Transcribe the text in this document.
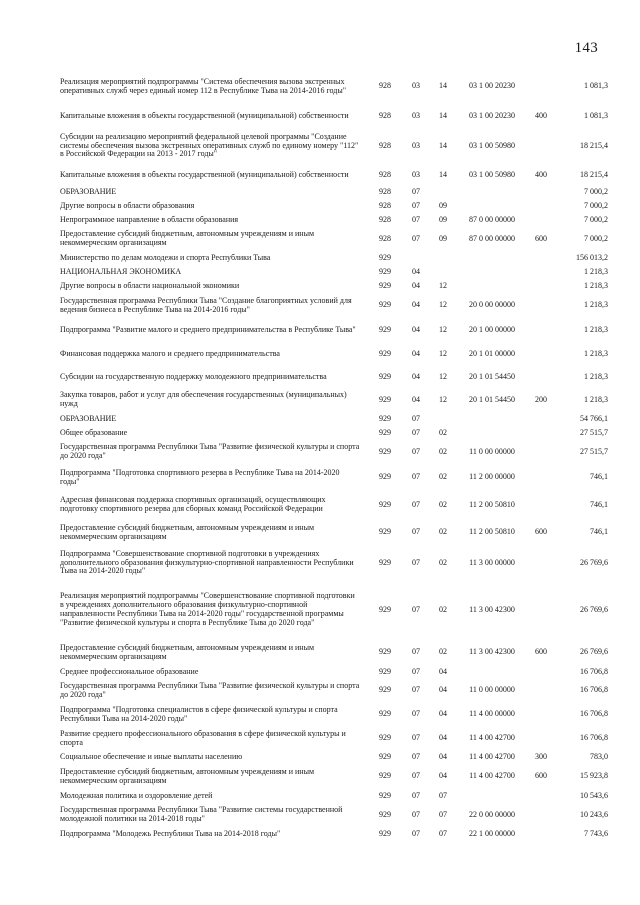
143
Реализация мероприятий подпрограммы "Система обеспечения вызова экстренных оперативных служб через единый номер 112 в Республике Тыва на 2014-2016 годы"	928	03	14	03 1 00 20230		1 081,3
Капитальные вложения в объекты государственной (муниципальной) собственности	928	03	14	03 1 00 20230	400	1 081,3
Субсидии на реализацию мероприятий федеральной целевой программы "Создание системы обеспечения вызова экстренных оперативных служб по единому номеру "112" в Российской Федерации на 2013 - 2017 годы"	928	03	14	03 1 00 50980		18 215,4
Капитальные вложения в объекты государственной (муниципальной) собственности	928	03	14	03 1 00 50980	400	18 215,4
ОБРАЗОВАНИЕ	928	07				7 000,2
Другие вопросы в области образования	928	07	09			7 000,2
Непрограммное направление в области образования	928	07	09	87 0 00 00000		7 000,2
Предоставление субсидий бюджетным, автономным учреждениям и иным некоммерческим организациям	928	07	09	87 0 00 00000	600	7 000,2
Министерство по делам молодежи и спорта Республики Тыва	929					156 013,2
НАЦИОНАЛЬНАЯ ЭКОНОМИКА	929	04				1 218,3
Другие вопросы в области национальной экономики	929	04	12			1 218,3
Государственная программа Республики Тыва "Создание благоприятных условий для ведения бизнеса в Республике Тыва на 2014-2016 годы"	929	04	12	20 0 00 00000		1 218,3
Подпрограмма "Развитие малого и среднего предпринимательства в Республике Тыва"	929	04	12	20 1 00 00000		1 218,3
Финансовая поддержка малого и среднего предпринимательства	929	04	12	20 1 01 00000		1 218,3
Субсидии на государственную поддержку молодежного предпринимательства	929	04	12	20 1 01 54450		1 218,3
Закупка товаров, работ и услуг для обеспечения государственных (муниципальных) нужд	929	04	12	20 1 01 54450	200	1 218,3
ОБРАЗОВАНИЕ	929	07				54 766,1
Общее образование	929	07	02			27 515,7
Государственная программа Республики Тыва "Развитие физической культуры и спорта до 2020 года"	929	07	02	11 0 00 00000		27 515,7
Подпрограмма "Подготовка спортивного резерва в Республике Тыва на 2014-2020 годы"	929	07	02	11 2 00 00000		746,1
Адресная финансовая поддержка спортивных организаций, осуществляющих подготовку спортивного резерва для сборных команд Российской Федерации	929	07	02	11 2 00 50810		746,1
Предоставление субсидий бюджетным, автономным учреждениям и иным некоммерческим организациям	929	07	02	11 2 00 50810	600	746,1
Подпрограмма "Совершенствование спортивной подготовки в учреждениях дополнительного образования физкультурно-спортивной направленности Республики Тыва на 2014-2020 годы"	929	07	02	11 3 00 00000		26 769,6
Реализация мероприятий подпрограммы "Совершенствование спортивной подготовки в учреждениях дополнительного образования физкультурно-спортивной направленности Республики Тыва на 2014-2020 годы" государственной программы "Развитие физической культуры и спорта в Республике Тыва до 2020 года"	929	07	02	11 3 00 42300		26 769,6
Предоставление субсидий бюджетным, автономным учреждениям и иным некоммерческим организациям	929	07	02	11 3 00 42300	600	26 769,6
Среднее профессиональное образование	929	07	04			16 706,8
Государственная программа Республики Тыва "Развитие физической культуры и спорта до 2020 года"	929	07	04	11 0 00 00000		16 706,8
Подпрограмма "Подготовка специалистов в сфере физической культуры и спорта Республики Тыва на 2014-2020 годы"	929	07	04	11 4 00 00000		16 706,8
Развитие среднего профессионального образования в сфере физической культуры и спорта	929	07	04	11 4 00 42700		16 706,8
Социальное обеспечение и иные выплаты населению	929	07	04	11 4 00 42700	300	783,0
Предоставление субсидий бюджетным, автономным учреждениям и иным некоммерческим организациям	929	07	04	11 4 00 42700	600	15 923,8
Молодежная политика и оздоровление детей	929	07	07			10 543,6
Государственная программа Республики Тыва "Развитие системы государственной молодежной политики на 2014-2018 годы"	929	07	07	22 0 00 00000		10 243,6
Подпрограмма "Молодежь Республики Тыва на 2014-2018 годы"	929	07	07	22 1 00 00000		7 743,6
